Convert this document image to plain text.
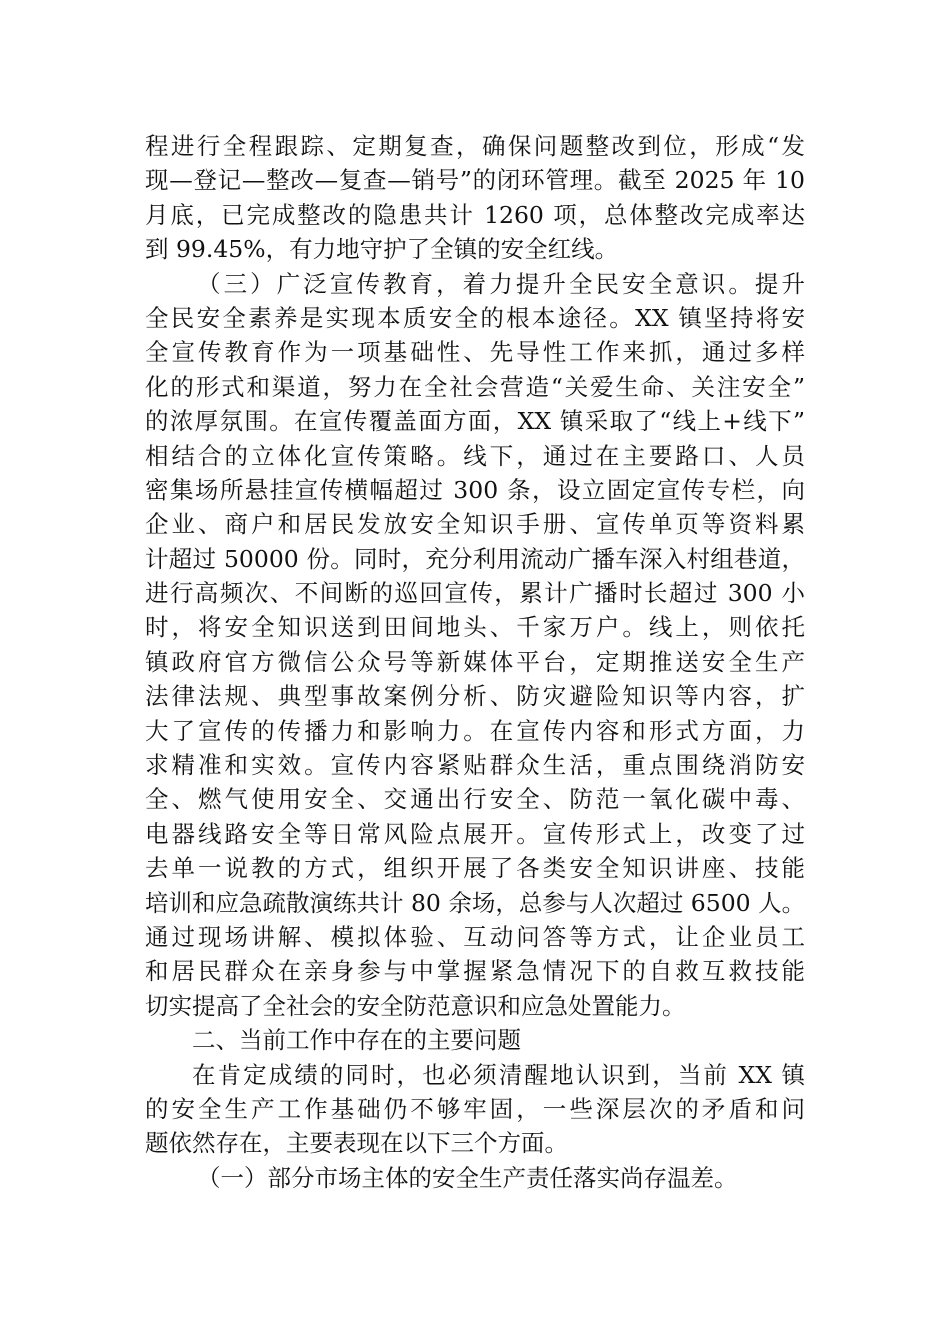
程进行全程跟踪、定期复查，确保问题整改到位，形成“发
现—登记—整改—复查—销号”的闭环管理。截至 2025 年 10
月底，已完成整改的隐患共计 1260 项，总体整改完成率达
到 99.45%，有力地守护了全镇的安全红线。
（三）广泛宣传教育，着力提升全民安全意识。提升
全民安全素养是实现本质安全的根本途径。XX 镇坚持将安
全宣传教育作为一项基础性、先导性工作来抓，通过多样
化的形式和渠道，努力在全社会营造“关爱生命、关注安全”
的浓厚氛围。在宣传覆盖面方面，XX 镇采取了“线上+线下”
相结合的立体化宣传策略。线下，通过在主要路口、人员
密集场所悬挂宣传横幅超过 300 条，设立固定宣传专栏，向
企业、商户和居民发放安全知识手册、宣传单页等资料累
计超过 50000 份。同时，充分利用流动广播车深入村组巷道，
进行高频次、不间断的巡回宣传，累计广播时长超过 300 小
时，将安全知识送到田间地头、千家万户。线上，则依托
镇政府官方微信公众号等新媒体平台，定期推送安全生产
法律法规、典型事故案例分析、防灾避险知识等内容，扩
大了宣传的传播力和影响力。在宣传内容和形式方面，力
求精准和实效。宣传内容紧贴群众生活，重点围绕消防安
全、燃气使用安全、交通出行安全、防范一氧化碳中毒、
电器线路安全等日常风险点展开。宣传形式上，改变了过
去单一说教的方式，组织开展了各类安全知识讲座、技能
培训和应急疏散演练共计 80 余场，总参与人次超过 6500 人。
通过现场讲解、模拟体验、互动问答等方式，让企业员工
和居民群众在亲身参与中掌握紧急情况下的自救互救技能
切实提高了全社会的安全防范意识和应急处置能力。
二、当前工作中存在的主要问题
在肯定成绩的同时，也必须清醒地认识到，当前 XX 镇
的安全生产工作基础仍不够牢固，一些深层次的矛盾和问
题依然存在，主要表现在以下三个方面。
（一）部分市场主体的安全生产责任落实尚存温差。
